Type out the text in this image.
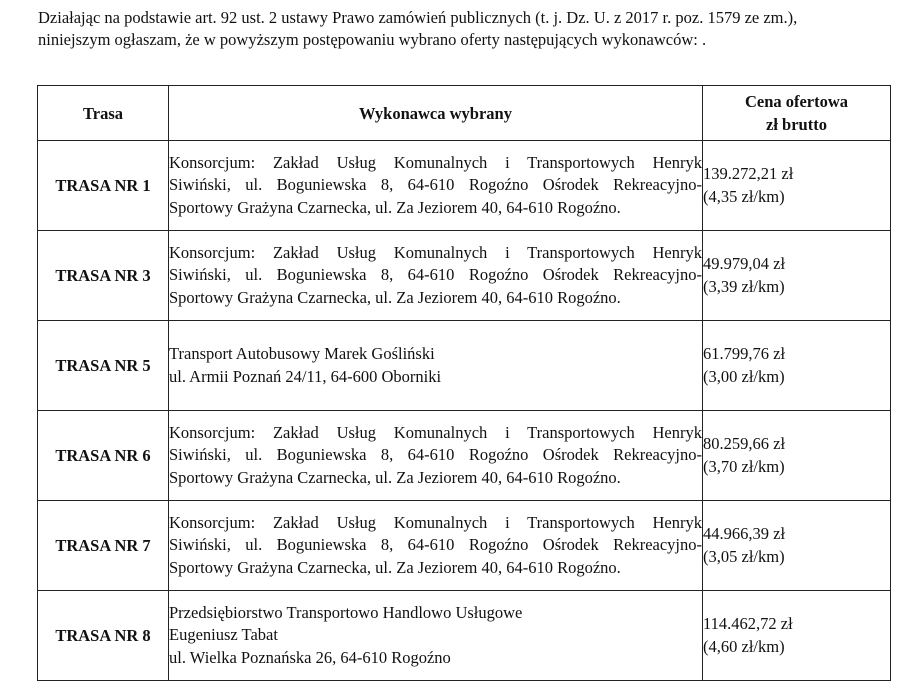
Działając na podstawie art. 92 ust. 2 ustawy Prawo zamówień publicznych (t. j. Dz. U. z 2017 r. poz. 1579 ze zm.),

niniejszym ogłaszam, że w powyższym postępowaniu wybrano oferty następujących wykonawców: .

Trasa	Wykonawca wybrany	Cena ofertowa
zł brutto

TRASA NR 1	Konsorcjum: Zakład Usług Komunalnych i Transportowych Henryk
Siwiński, ul. Boguniewska 8, 64-610 Rogoźno Ośrodek Rekreacyjno-
Sportowy Grażyna Czarnecka, ul. Za Jeziorem 40, 64-610 Rogoźno.	139.272,21 zł
(4,35 zł/km)

TRASA NR 3	Konsorcjum: Zakład Usług Komunalnych i Transportowych Henryk
Siwiński, ul. Boguniewska 8, 64-610 Rogoźno Ośrodek Rekreacyjno-
Sportowy Grażyna Czarnecka, ul. Za Jeziorem 40, 64-610 Rogoźno.	49.979,04 zł
(3,39 zł/km)

TRASA NR 5	Transport Autobusowy Marek Gośliński
ul. Armii Poznań 24/11, 64-600 Oborniki	61.799,76 zł
(3,00 zł/km)

TRASA NR 6	Konsorcjum: Zakład Usług Komunalnych i Transportowych Henryk
Siwiński, ul. Boguniewska 8, 64-610 Rogoźno Ośrodek Rekreacyjno-
Sportowy Grażyna Czarnecka, ul. Za Jeziorem 40, 64-610 Rogoźno.	80.259,66 zł
(3,70 zł/km)

TRASA NR 7	Konsorcjum: Zakład Usług Komunalnych i Transportowych Henryk
Siwiński, ul. Boguniewska 8, 64-610 Rogoźno Ośrodek Rekreacyjno-
Sportowy Grażyna Czarnecka, ul. Za Jeziorem 40, 64-610 Rogoźno.	44.966,39 zł
(3,05 zł/km)

TRASA NR 8	Przedsiębiorstwo Transportowo Handlowo Usługowe
Eugeniusz Tabat
ul. Wielka Poznańska 26, 64-610 Rogoźno	114.462,72 zł
(4,60 zł/km)
